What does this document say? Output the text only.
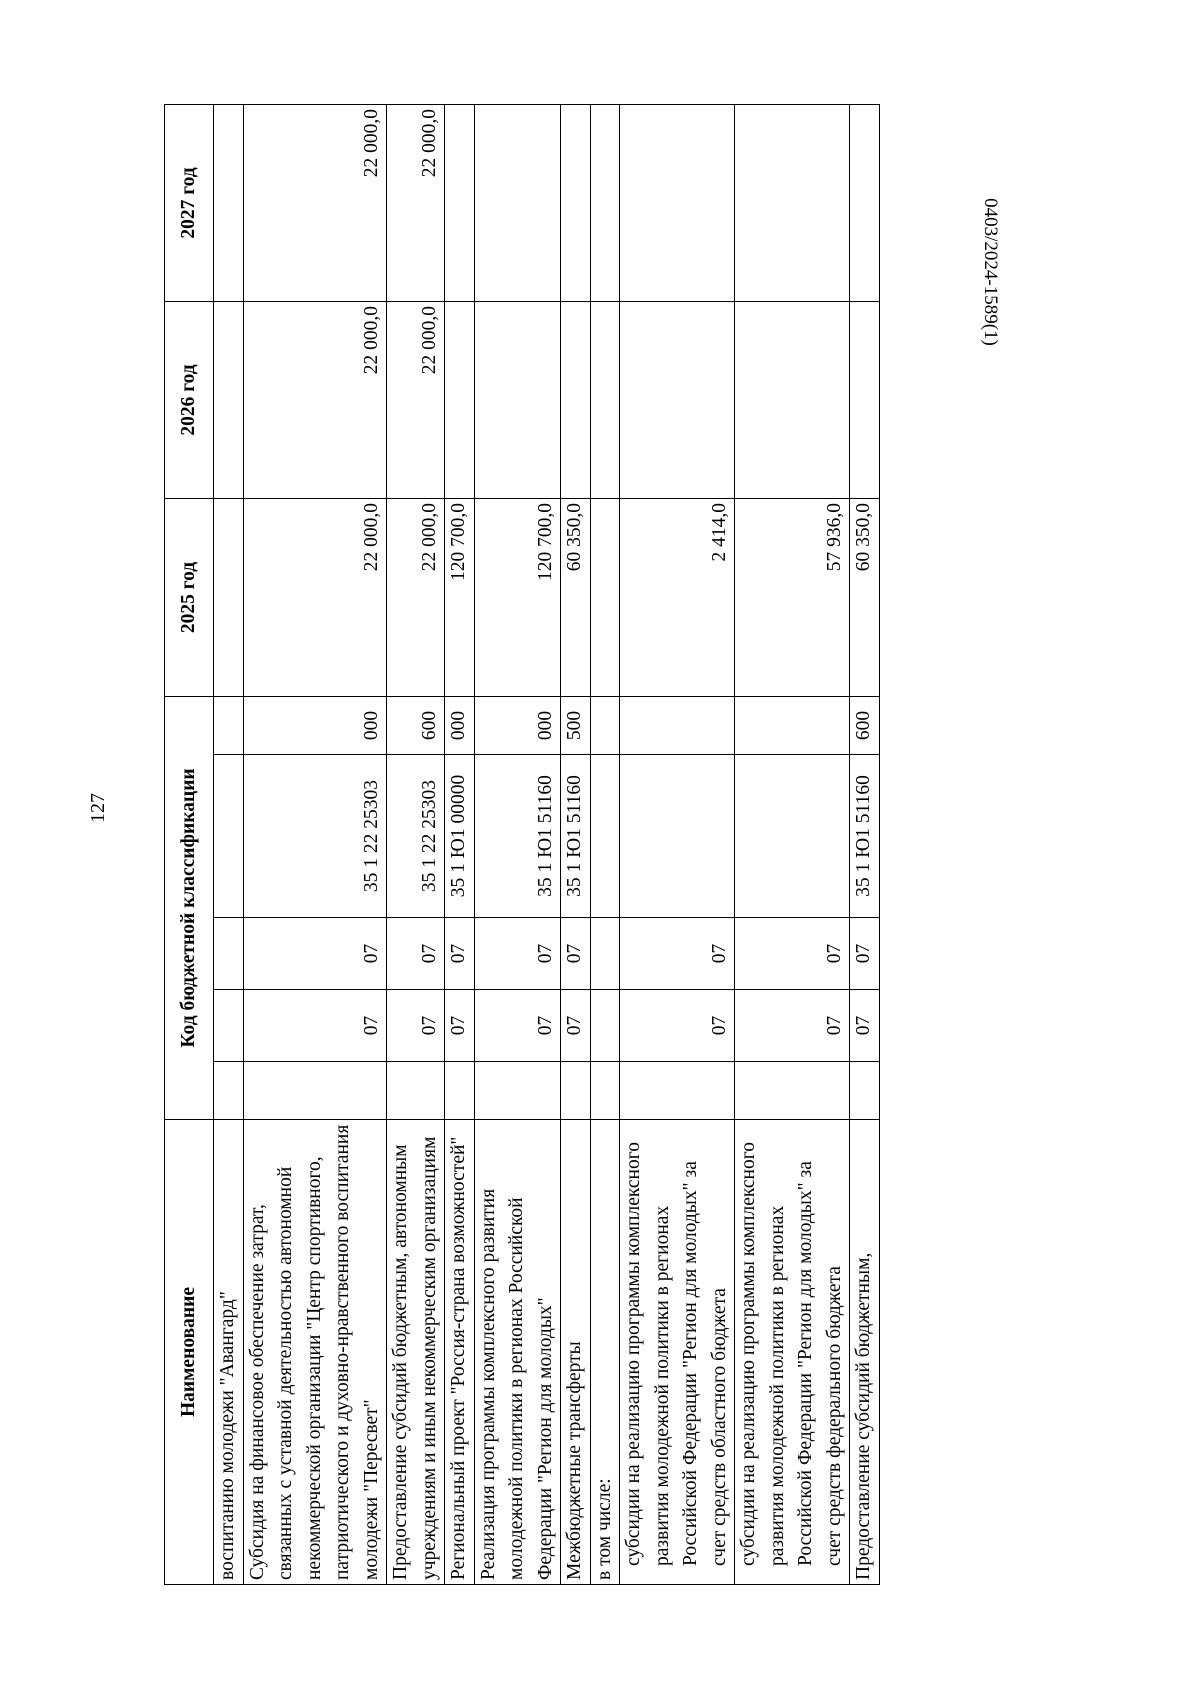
127
0403/2024-1589(1)
Наименование	Код бюджетной классификации					2025 год	2026 год	2027 год
воспитанию молодежи "Авангард"								
Субсидия на финансовое обеспечение затрат, связанных с уставной деятельностью автономной некоммерческой организации "Центр спортивного, патриотического и духовно-нравственного воспитания молодежи "Пересвет"		07	07	35 1 22 25303	000	22 000,0	22 000,0	22 000,0
Предоставление субсидий бюджетным, автономным учреждениям и иным некоммерческим организациям		07	07	35 1 22 25303	600	22 000,0	22 000,0	22 000,0
Региональный проект "Россия-страна возможностей"		07	07	35 1 Ю1 00000	000	120 700,0		
Реализация программы комплексного развития молодежной политики в регионах Российской Федерации "Регион для молодых"		07	07	35 1 Ю1 51160	000	120 700,0		
Межбюджетные трансферты		07	07	35 1 Ю1 51160	500	60 350,0		
в том числе:								
субсидии на реализацию программы комплексного развития молодежной политики в регионах Российской Федерации "Регион для молодых" за счет средств областного бюджета		07	07			2 414,0		
субсидии на реализацию программы комплексного развития молодежной политики в регионах Российской Федерации "Регион для молодых" за счет средств федерального бюджета		07	07			57 936,0		
Предоставление субсидий бюджетным,		07	07	35 1 Ю1 51160	600	60 350,0		
